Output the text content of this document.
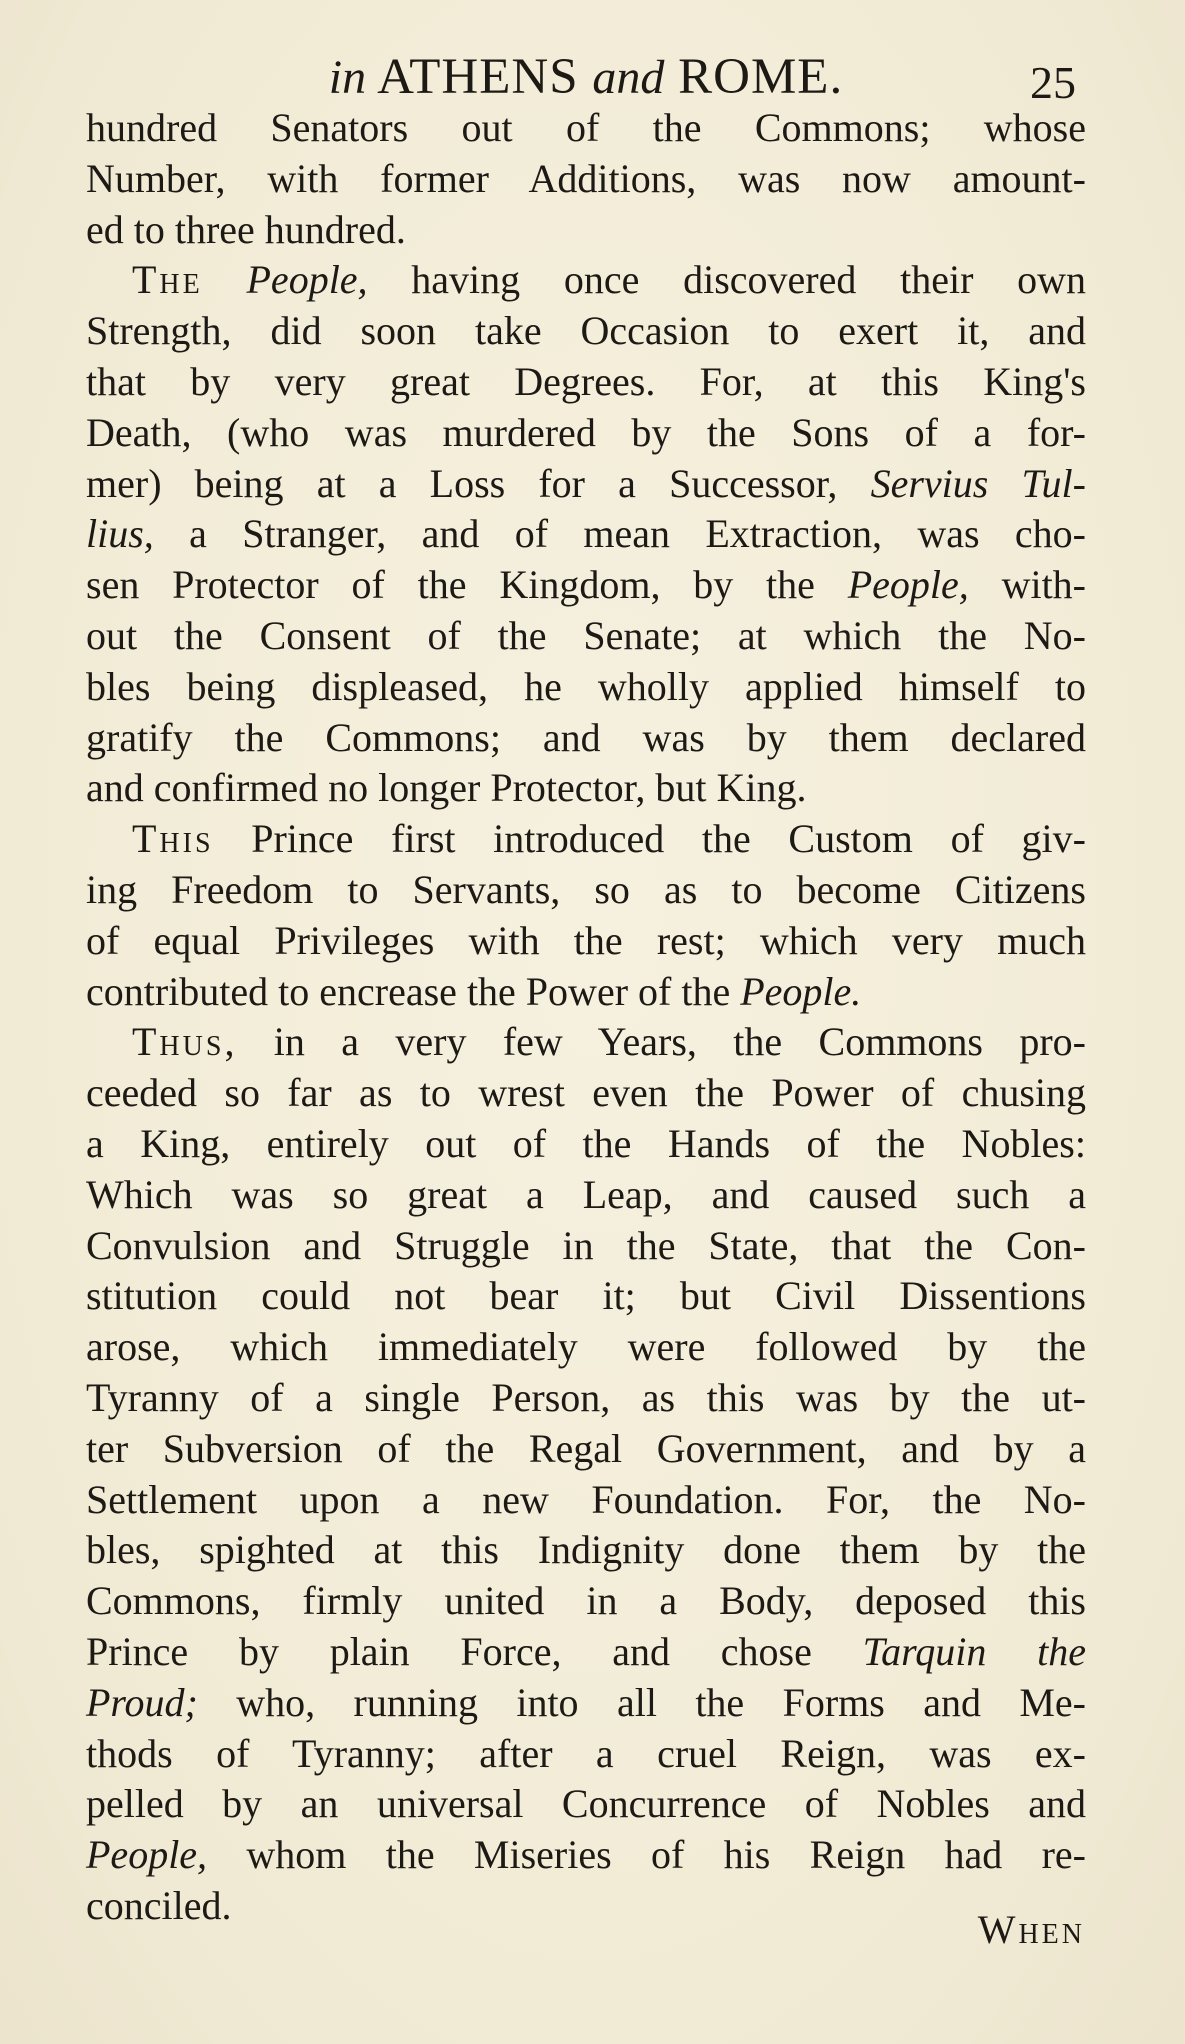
in ATHENS and ROME.	25
hundred Senators out of the Commons; whose
Number, with former Additions, was now amount-
ed to three hundred.
The People, having once discovered their own
Strength, did soon take Occasion to exert it, and
that by very great Degrees. For, at this King's
Death, (who was murdered by the Sons of a for-
mer) being at a Loss for a Successor, Servius Tul-
lius, a Stranger, and of mean Extraction, was cho-
sen Protector of the Kingdom, by the People, with-
out the Consent of the Senate; at which the No-
bles being displeased, he wholly applied himself to
gratify the Commons; and was by them declared
and confirmed no longer Protector, but King.
This Prince first introduced the Custom of giv-
ing Freedom to Servants, so as to become Citizens
of equal Privileges with the rest; which very much
contributed to encrease the Power of the People.
Thus, in a very few Years, the Commons pro-
ceeded so far as to wrest even the Power of chusing
a King, entirely out of the Hands of the Nobles:
Which was so great a Leap, and caused such a
Convulsion and Struggle in the State, that the Con-
stitution could not bear it; but Civil Dissentions
arose, which immediately were followed by the
Tyranny of a single Person, as this was by the ut-
ter Subversion of the Regal Government, and by a
Settlement upon a new Foundation. For, the No-
bles, spighted at this Indignity done them by the
Commons, firmly united in a Body, deposed this
Prince by plain Force, and chose Tarquin the
Proud; who, running into all the Forms and Me-
thods of Tyranny; after a cruel Reign, was ex-
pelled by an universal Concurrence of Nobles and
People, whom the Miseries of his Reign had re-
conciled.
When
